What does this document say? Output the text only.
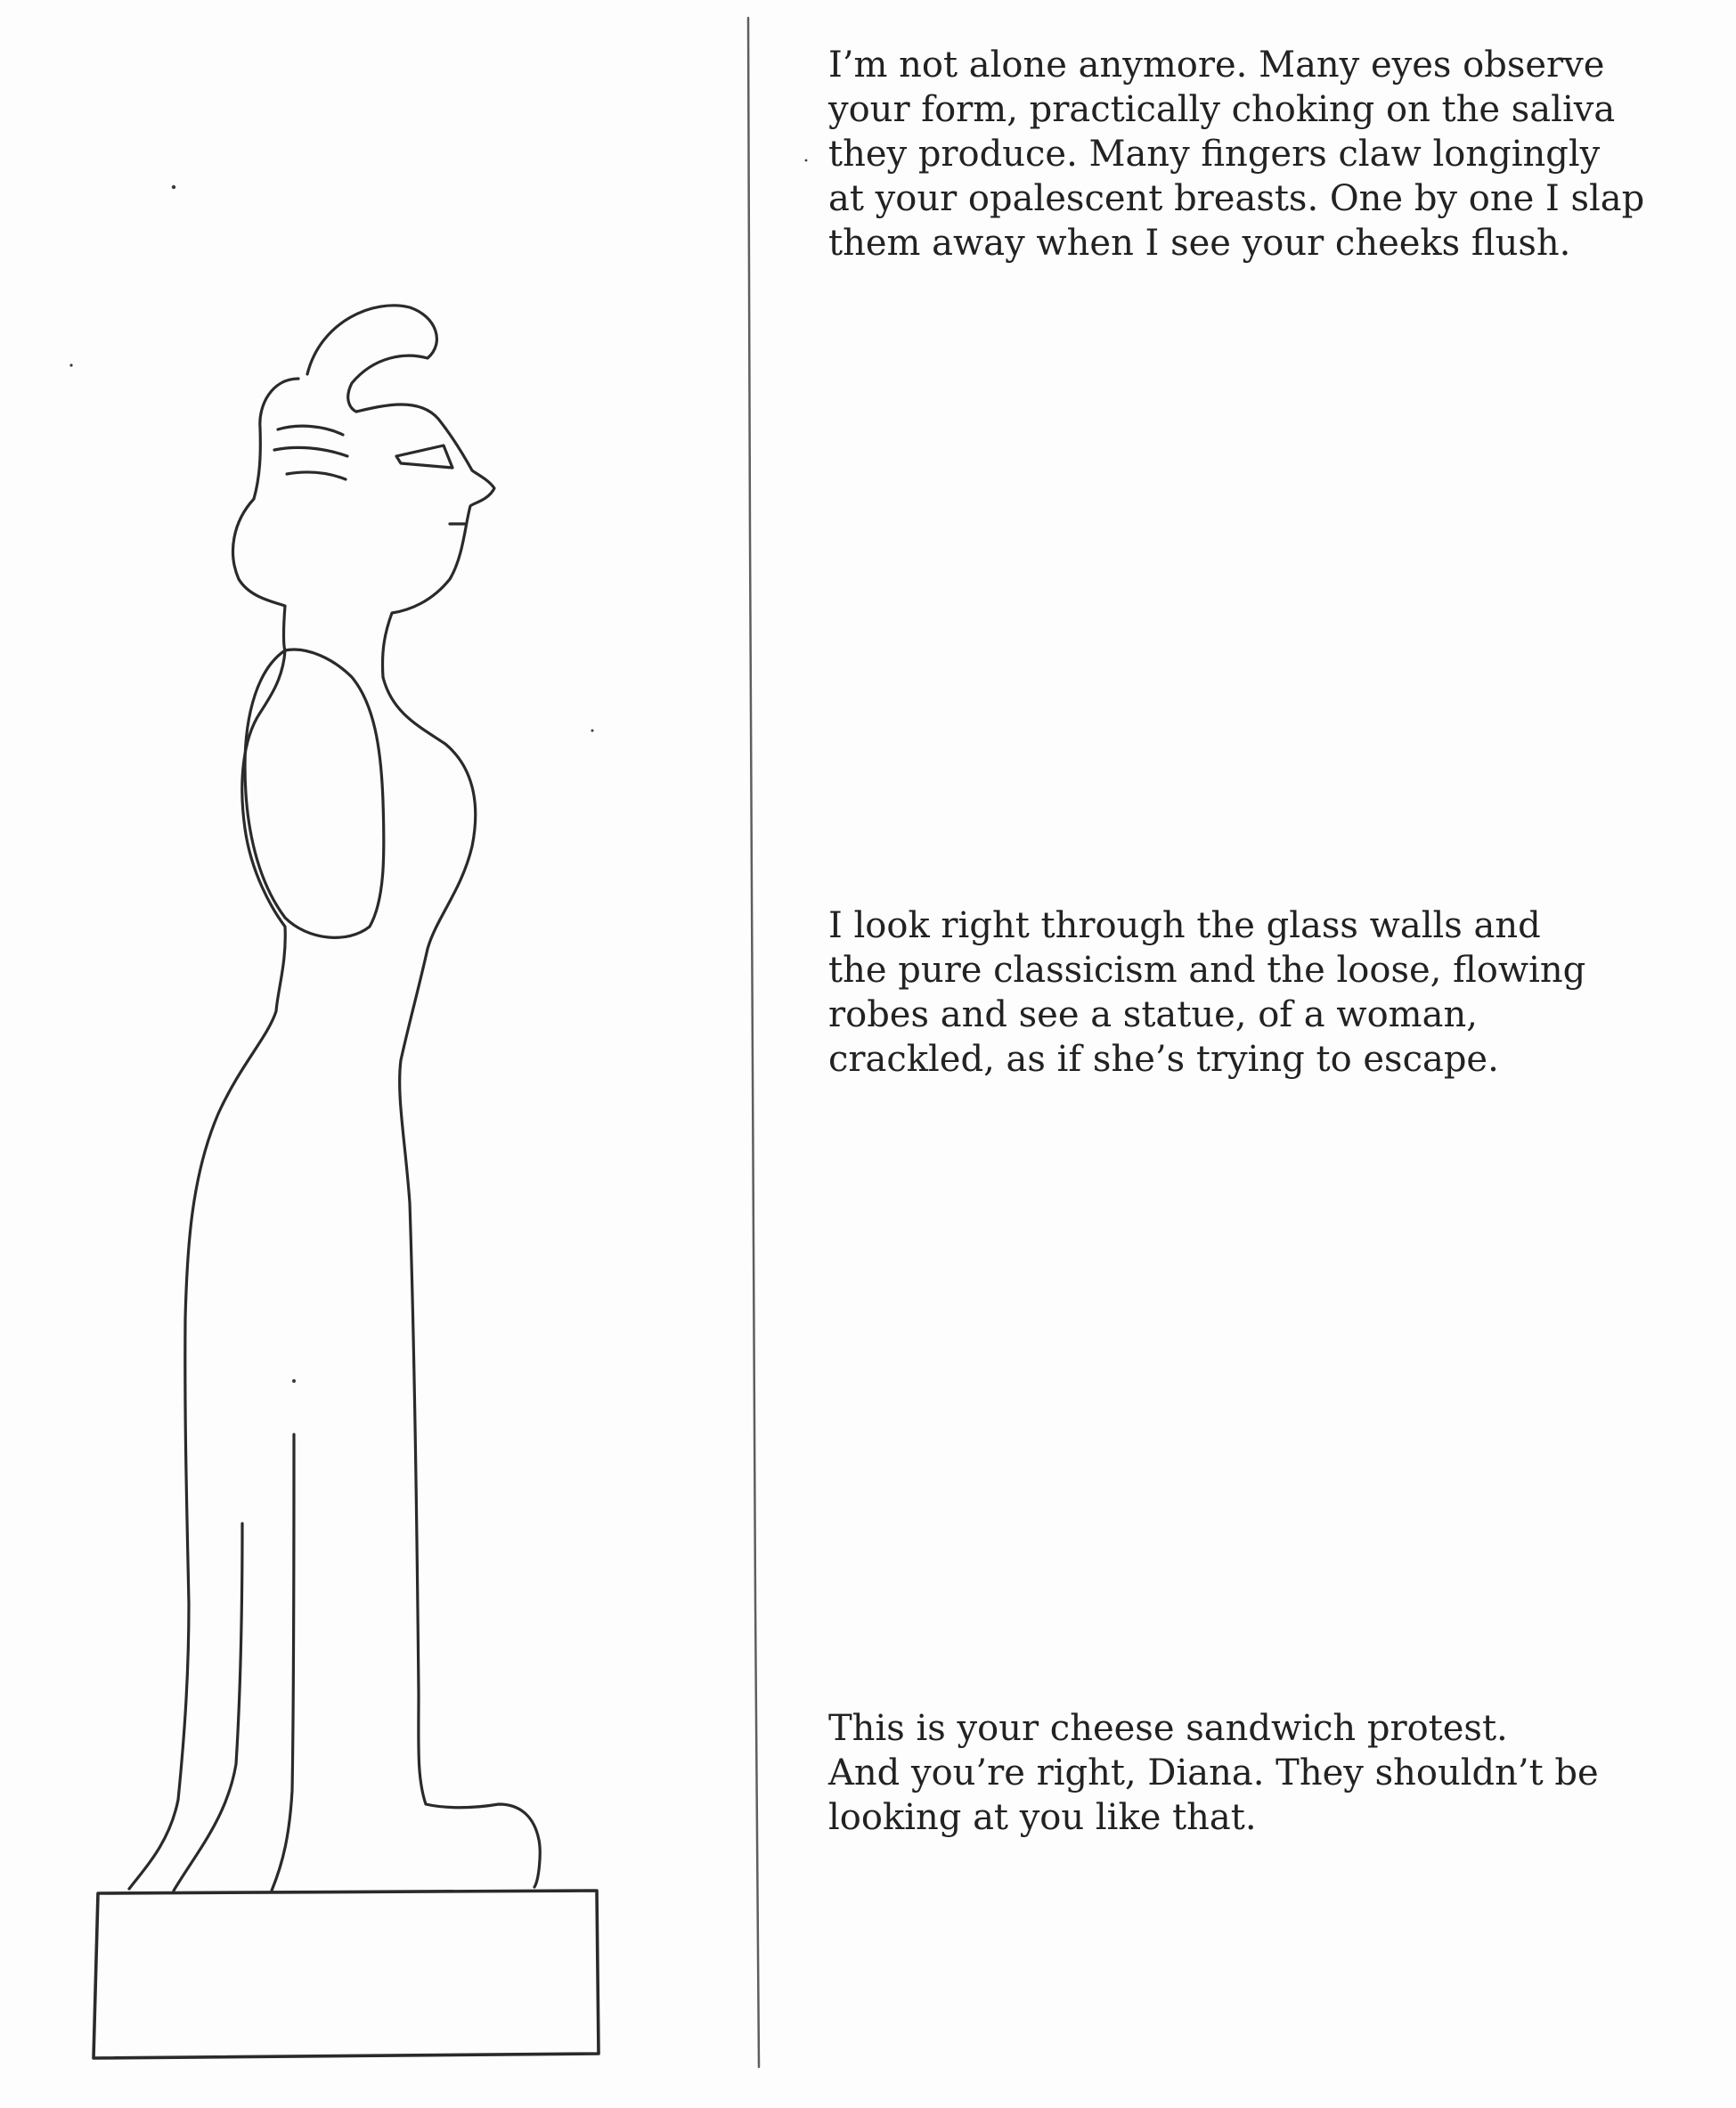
I’m not alone anymore. Many eyes observe
your form, practically choking on the saliva
they produce. Many fingers claw longingly
at your opalescent breasts. One by one I slap
them away when I see your cheeks flush.

I look right through the glass walls and
the pure classicism and the loose, flowing
robes and see a statue, of a woman,
crackled, as if she’s trying to escape.

This is your cheese sandwich protest.
And you’re right, Diana. They shouldn’t be
looking at you like that.
